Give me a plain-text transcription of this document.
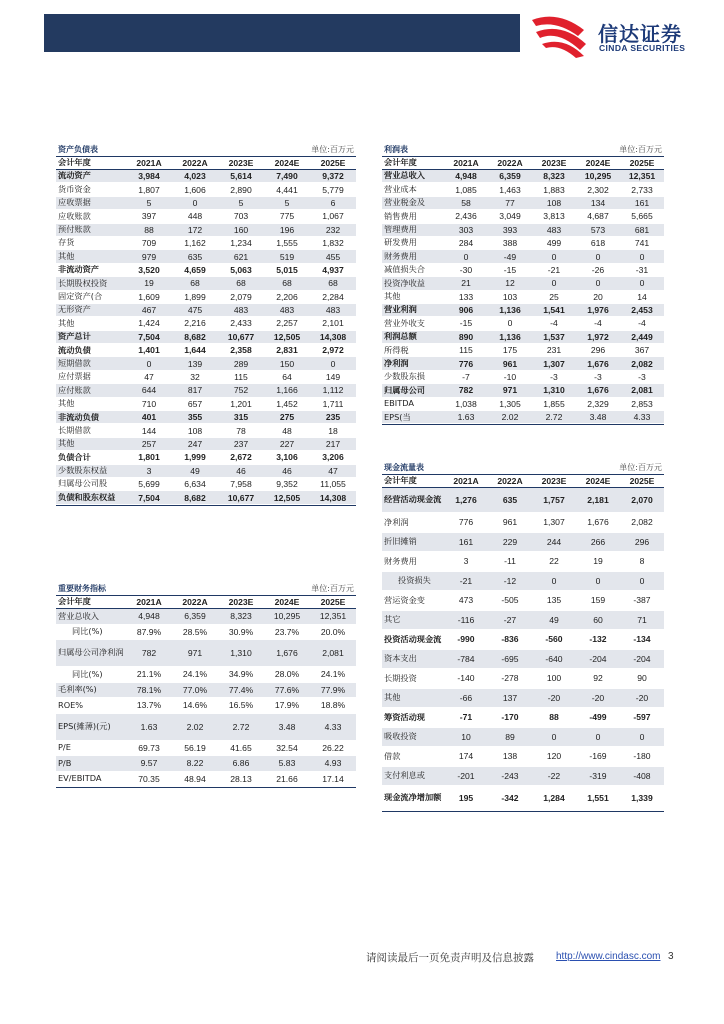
信达证券
CINDA SECURITIES
资产负债表	单位:百万元
会计年度	2021A	2022A	2023E	2024E	2025E
流动资产	3,984	4,023	5,614	7,490	9,372
货币资金	1,807	1,606	2,890	4,441	5,779
应收票据	5	0	5	5	6
应收账款	397	448	703	775	1,067
预付账款	88	172	160	196	232
存货	709	1,162	1,234	1,555	1,832
其他	979	635	621	519	455
非流动资产	3,520	4,659	5,063	5,015	4,937
长期股权投资	19	68	68	68	68
固定资产(合	1,609	1,899	2,079	2,206	2,284
无形资产	467	475	483	483	483
其他	1,424	2,216	2,433	2,257	2,101
资产总计	7,504	8,682	10,677	12,505	14,308
流动负债	1,401	1,644	2,358	2,831	2,972
短期借款	0	139	289	150	0
应付票据	47	32	115	64	149
应付账款	644	817	752	1,166	1,112
其他	710	657	1,201	1,452	1,711
非流动负债	401	355	315	275	235
长期借款	144	108	78	48	18
其他	257	247	237	227	217
负债合计	1,801	1,999	2,672	3,106	3,206
少数股东权益	3	49	46	46	47
归属母公司股	5,699	6,634	7,958	9,352	11,055
负债和股东权益	7,504	8,682	10,677	12,505	14,308
利润表	单位:百万元
会计年度	2021A	2022A	2023E	2024E	2025E
营业总收入	4,948	6,359	8,323	10,295	12,351
营业成本	1,085	1,463	1,883	2,302	2,733
营业税金及	58	77	108	134	161
销售费用	2,436	3,049	3,813	4,687	5,665
管理费用	303	393	483	573	681
研发费用	284	388	499	618	741
财务费用	0	-49	0	0	0
减值损失合	-30	-15	-21	-26	-31
投资净收益	21	12	0	0	0
其他	133	103	25	20	14
营业利润	906	1,136	1,541	1,976	2,453
营业外收支	-15	0	-4	-4	-4
利润总额	890	1,136	1,537	1,972	2,449
所得税	115	175	231	296	367
净利润	776	961	1,307	1,676	2,082
少数股东损	-7	-10	-3	-3	-3
归属母公司	782	971	1,310	1,676	2,081
EBITDA	1,038	1,305	1,855	2,329	2,853
EPS(当	1.63	2.02	2.72	3.48	4.33
重要财务指标	单位:百万元
会计年度	2021A	2022A	2023E	2024E	2025E
营业总收入	4,948	6,359	8,323	10,295	12,351
同比(%)	87.9%	28.5%	30.9%	23.7%	20.0%
归属母公司净利润	782	971	1,310	1,676	2,081
同比(%)	21.1%	24.1%	34.9%	28.0%	24.1%
毛利率(%)	78.1%	77.0%	77.4%	77.6%	77.9%
ROE%	13.7%	14.6%	16.5%	17.9%	18.8%
EPS(摊薄)(元)	1.63	2.02	2.72	3.48	4.33
P/E	69.73	56.19	41.65	32.54	26.22
P/B	9.57	8.22	6.86	5.83	4.93
EV/EBITDA	70.35	48.94	28.13	21.66	17.14
现金流量表	单位:百万元
会计年度	2021A	2022A	2023E	2024E	2025E
经营活动现金流	1,276	635	1,757	2,181	2,070
净利润	776	961	1,307	1,676	2,082
折旧摊销	161	229	244	266	296
财务费用	3	-11	22	19	8
投资损失	-21	-12	0	0	0
营运资金变	473	-505	135	159	-387
其它	-116	-27	49	60	71
投资活动现金流	-990	-836	-560	-132	-134
资本支出	-784	-695	-640	-204	-204
长期投资	-140	-278	100	92	90
其他	-66	137	-20	-20	-20
筹资活动现	-71	-170	88	-499	-597
吸收投资	10	89	0	0	0
借款	174	138	120	-169	-180
支付利息或	-201	-243	-22	-319	-408
现金流净增加额	195	-342	1,284	1,551	1,339
请阅读最后一页免责声明及信息披露 http://www.cindasc.com 3
